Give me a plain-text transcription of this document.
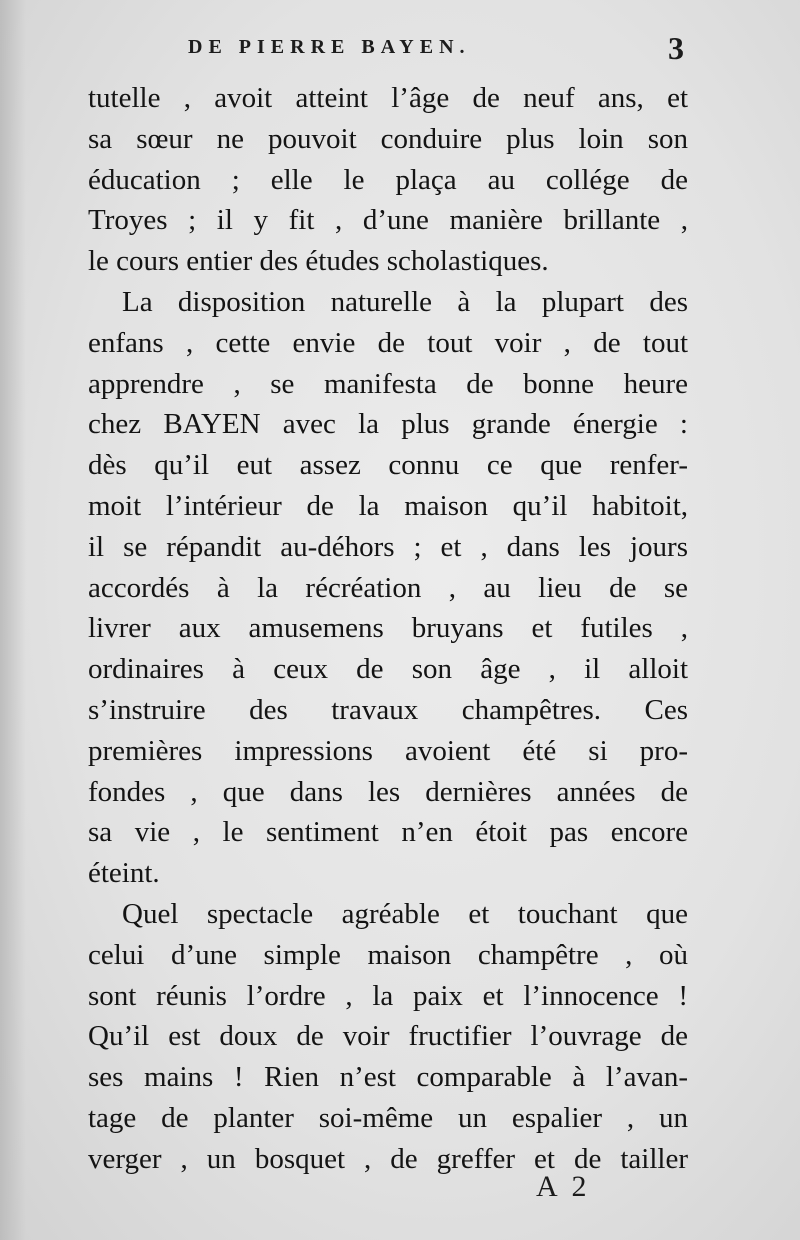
DE PIERRE BAYEN.	3
tutelle , avoit atteint l’âge de neuf ans, et
sa sœur ne pouvoit conduire plus loin son
éducation ; elle le plaça au collége de
Troyes ; il y fit , d’une manière brillante ,
le cours entier des études scholastiques.
La disposition naturelle à la plupart des
enfans , cette envie de tout voir , de tout
apprendre , se manifesta de bonne heure
chez BAYEN avec la plus grande énergie :
dès qu’il eut assez connu ce que renfer-
moit l’intérieur de la maison qu’il habitoit,
il se répandit au-déhors ; et , dans les jours
accordés à la récréation , au lieu de se
livrer aux amusemens bruyans et futiles ,
ordinaires à ceux de son âge , il alloit
s’instruire des travaux champêtres. Ces
premières impressions avoient été si pro-
fondes , que dans les dernières années de
sa vie , le sentiment n’en étoit pas encore
éteint.
Quel spectacle agréable et touchant que
celui d’une simple maison champêtre , où
sont réunis l’ordre , la paix et l’innocence !
Qu’il est doux de voir fructifier l’ouvrage de
ses mains ! Rien n’est comparable à l’avan-
tage de planter soi-même un espalier , un
verger , un bosquet , de greffer et de tailler
A 2
